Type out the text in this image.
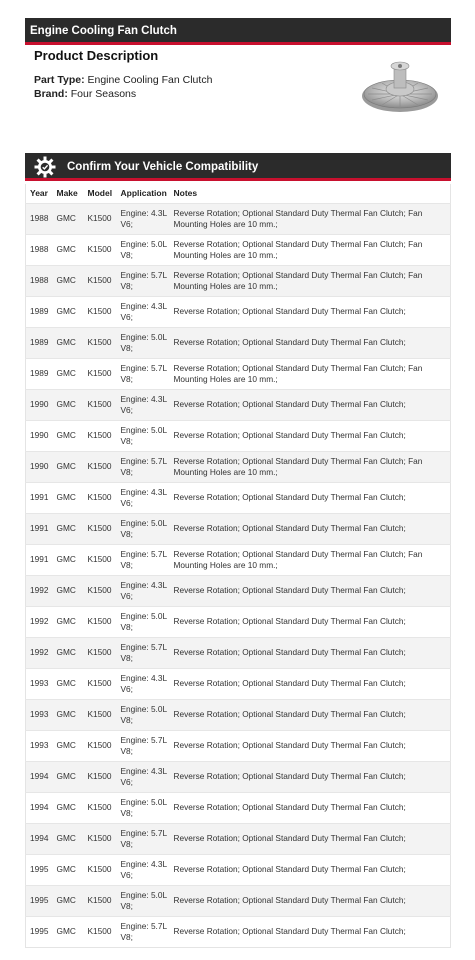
Engine Cooling Fan Clutch
Product Description
Part Type: Engine Cooling Fan Clutch
Brand: Four Seasons
Confirm Your Vehicle Compatibility
Year	Make	Model	Application	Notes
1988	GMC	K1500	Engine: 4.3L V6;	Reverse Rotation; Optional Standard Duty Thermal Fan Clutch; Fan Mounting Holes are 10 mm.;
1988	GMC	K1500	Engine: 5.0L V8;	Reverse Rotation; Optional Standard Duty Thermal Fan Clutch; Fan Mounting Holes are 10 mm.;
1988	GMC	K1500	Engine: 5.7L V8;	Reverse Rotation; Optional Standard Duty Thermal Fan Clutch; Fan Mounting Holes are 10 mm.;
1989	GMC	K1500	Engine: 4.3L V6;	Reverse Rotation; Optional Standard Duty Thermal Fan Clutch;
1989	GMC	K1500	Engine: 5.0L V8;	Reverse Rotation; Optional Standard Duty Thermal Fan Clutch;
1989	GMC	K1500	Engine: 5.7L V8;	Reverse Rotation; Optional Standard Duty Thermal Fan Clutch; Fan Mounting Holes are 10 mm.;
1990	GMC	K1500	Engine: 4.3L V6;	Reverse Rotation; Optional Standard Duty Thermal Fan Clutch;
1990	GMC	K1500	Engine: 5.0L V8;	Reverse Rotation; Optional Standard Duty Thermal Fan Clutch;
1990	GMC	K1500	Engine: 5.7L V8;	Reverse Rotation; Optional Standard Duty Thermal Fan Clutch; Fan Mounting Holes are 10 mm.;
1991	GMC	K1500	Engine: 4.3L V6;	Reverse Rotation; Optional Standard Duty Thermal Fan Clutch;
1991	GMC	K1500	Engine: 5.0L V8;	Reverse Rotation; Optional Standard Duty Thermal Fan Clutch;
1991	GMC	K1500	Engine: 5.7L V8;	Reverse Rotation; Optional Standard Duty Thermal Fan Clutch; Fan Mounting Holes are 10 mm.;
1992	GMC	K1500	Engine: 4.3L V6;	Reverse Rotation; Optional Standard Duty Thermal Fan Clutch;
1992	GMC	K1500	Engine: 5.0L V8;	Reverse Rotation; Optional Standard Duty Thermal Fan Clutch;
1992	GMC	K1500	Engine: 5.7L V8;	Reverse Rotation; Optional Standard Duty Thermal Fan Clutch;
1993	GMC	K1500	Engine: 4.3L V6;	Reverse Rotation; Optional Standard Duty Thermal Fan Clutch;
1993	GMC	K1500	Engine: 5.0L V8;	Reverse Rotation; Optional Standard Duty Thermal Fan Clutch;
1993	GMC	K1500	Engine: 5.7L V8;	Reverse Rotation; Optional Standard Duty Thermal Fan Clutch;
1994	GMC	K1500	Engine: 4.3L V6;	Reverse Rotation; Optional Standard Duty Thermal Fan Clutch;
1994	GMC	K1500	Engine: 5.0L V8;	Reverse Rotation; Optional Standard Duty Thermal Fan Clutch;
1994	GMC	K1500	Engine: 5.7L V8;	Reverse Rotation; Optional Standard Duty Thermal Fan Clutch;
1995	GMC	K1500	Engine: 4.3L V6;	Reverse Rotation; Optional Standard Duty Thermal Fan Clutch;
1995	GMC	K1500	Engine: 5.0L V8;	Reverse Rotation; Optional Standard Duty Thermal Fan Clutch;
1995	GMC	K1500	Engine: 5.7L V8;	Reverse Rotation; Optional Standard Duty Thermal Fan Clutch;
